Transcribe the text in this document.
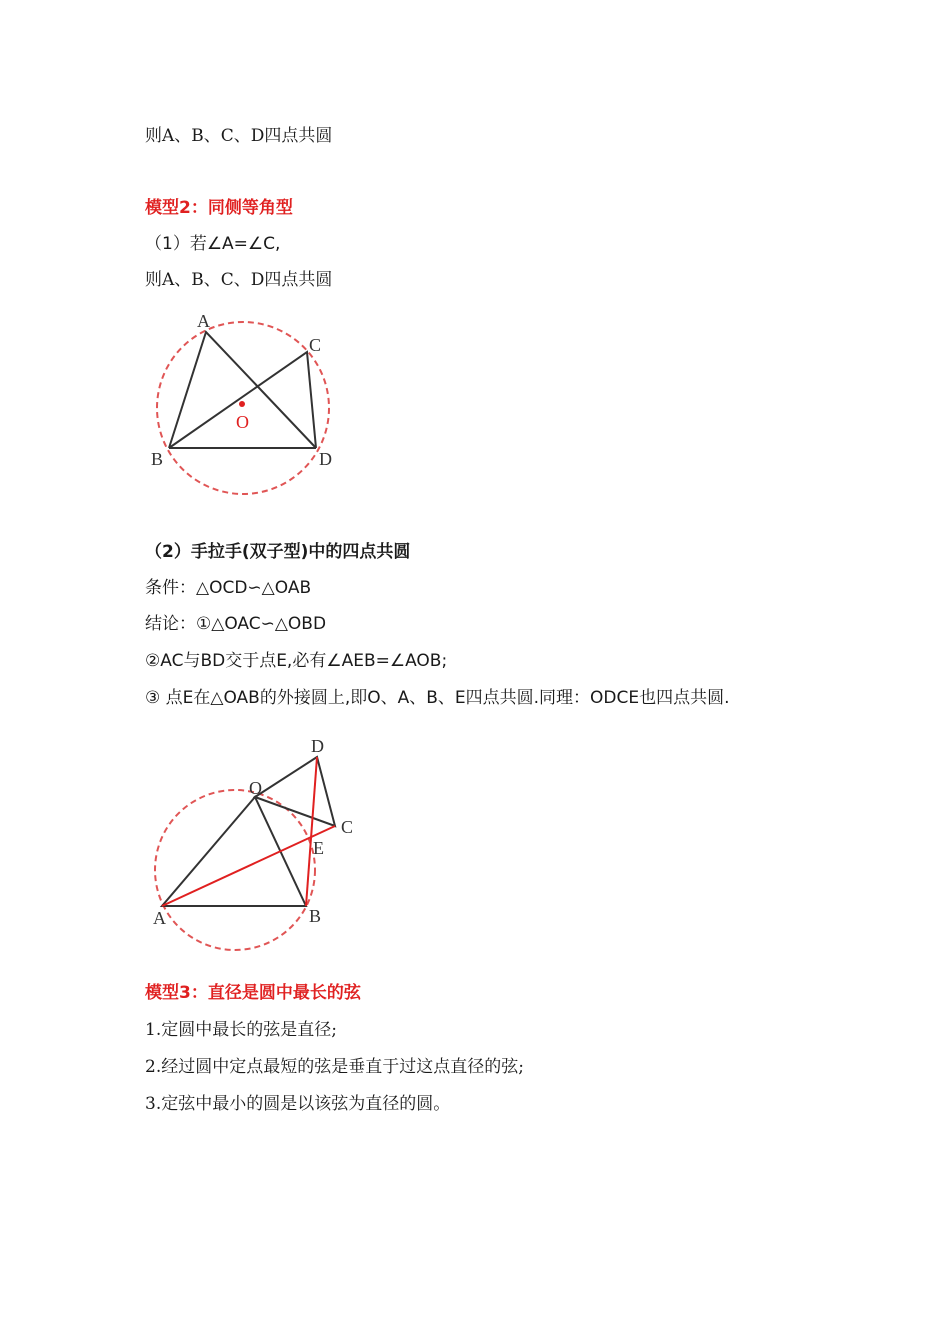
则A、B、C、D四点共圆
模型2：同侧等角型
（1）若∠A=∠C,
则A、B、C、D四点共圆
A
C
B	D
O
（2）手拉手(双子型)中的四点共圆
条件：△OCD∽△OAB
结论：①△OAC∽△OBD
②AC与BD交于点E,必有∠AEB=∠AOB;
③ 点E在△OAB的外接圆上,即O、A、B、E四点共圆.同理：ODCE也四点共圆.
O
D
C
E
A	B
模型3：直径是圆中最长的弦
1.定圆中最长的弦是直径;
2.经过圆中定点最短的弦是垂直于过这点直径的弦;
3.定弦中最小的圆是以该弦为直径的圆。
